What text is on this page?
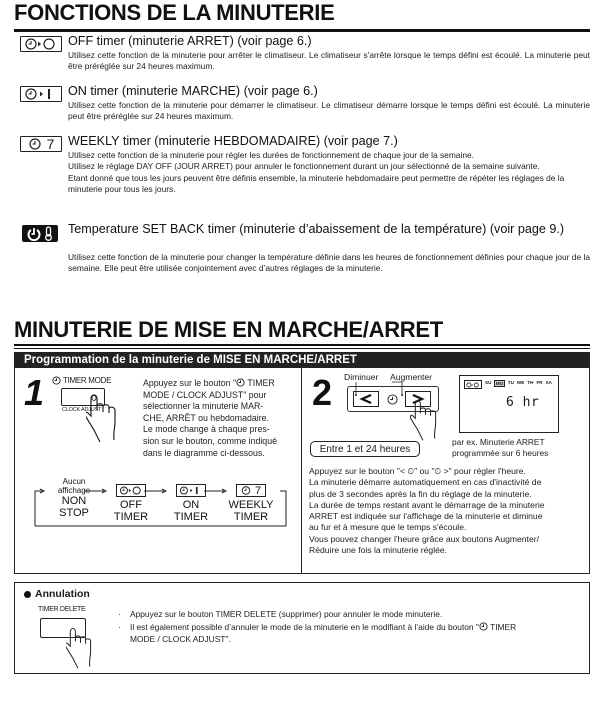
FONCTIONS DE LA MINUTERIE
OFF timer (minuterie ARRET) (voir page 6.)
Utilisez cette fonction de la minuterie pour arrêter le climatiseur. Le climatiseur s'arrête lorsque le temps défini est écoulé. La minuterie peut être préréglée sur 24 heures maximum.
ON timer (minuterie MARCHE) (voir page 6.)
Utilisez cette fonction de la minuterie pour démarrer le climatiseur. Le climatiseur démarre lorsque le temps défini est écoulé. La minuterie peut être préréglée sur 24 heures maximum.
7 WEEKLY timer (minuterie HEBDOMADAIRE) (voir page 7.)
Utilisez cette fonction de la minuterie pour régler les durées de fonctionnement de chaque jour de la semaine.
Utilisez le réglage DAY OFF (JOUR ARRET) pour annuler le fonctionnement durant un jour sélectionné de la semaine suivante.
Etant donné que tous les jours peuvent être définis ensemble, la minuterie hebdomadaire peut permettre de répéter les réglages de la minuterie pour tous les jours.
Temperature SET BACK timer (minuterie d’abaissement de la température) (voir page 9.)
Utilisez cette fonction de la minuterie pour changer la température définie dans les heures de fonctionnement définies pour chaque jour de la semaine. Elle peut être utilisée conjointement avec d’autres réglages de la minuterie.
MINUTERIE DE MISE EN MARCHE/ARRET
Programmation de la minuterie de MISE EN MARCHE/ARRET
1 TIMER MODE
CLOCK ADJUST
Appuyez sur le bouton " TIMER
MODE / CLOCK ADJUST" pour
sélectionner la minuterie MAR-
CHE, ARRÊT ou hebdomadaire.
Le mode change à chaque pres-
sion sur le bouton, comme indiqué
dans le diagramme ci-dessous.
Aucun
affichage
NON
STOP
OFF
TIMER
ON
TIMER
7
WEEKLY
TIMER
2 Diminuer Augmenter
SU MO TU WE TH FR SA
6 hr
Entre 1 et 24 heures
par ex. Minuterie ARRET
programmée sur 6 heures
Appuyez sur le bouton "< ⏲" ou "⏲ >" pour régler l'heure.
La minuterie démarre automatiquement en cas d'inactivité de
plus de 3 secondes après la fin du réglage de la minuterie.
La durée de temps restant avant le démarrage de la minuterie
ARRET est indiquée sur l'affichage de la minuterie et diminue
au fur et à mesure que le temps s'écoule.
Vous pouvez changer l'heure grâce aux boutons Augmenter/
Réduire une fois la minuterie réglée.
Annulation
TIMER DELETE	· Appuyez sur le bouton TIMER DELETE (supprimer) pour annuler le mode minuterie.
· Il est également possible d’annuler le mode de la minuterie en le modifiant à l’aide du bouton " TIMER
MODE / CLOCK ADJUST".
